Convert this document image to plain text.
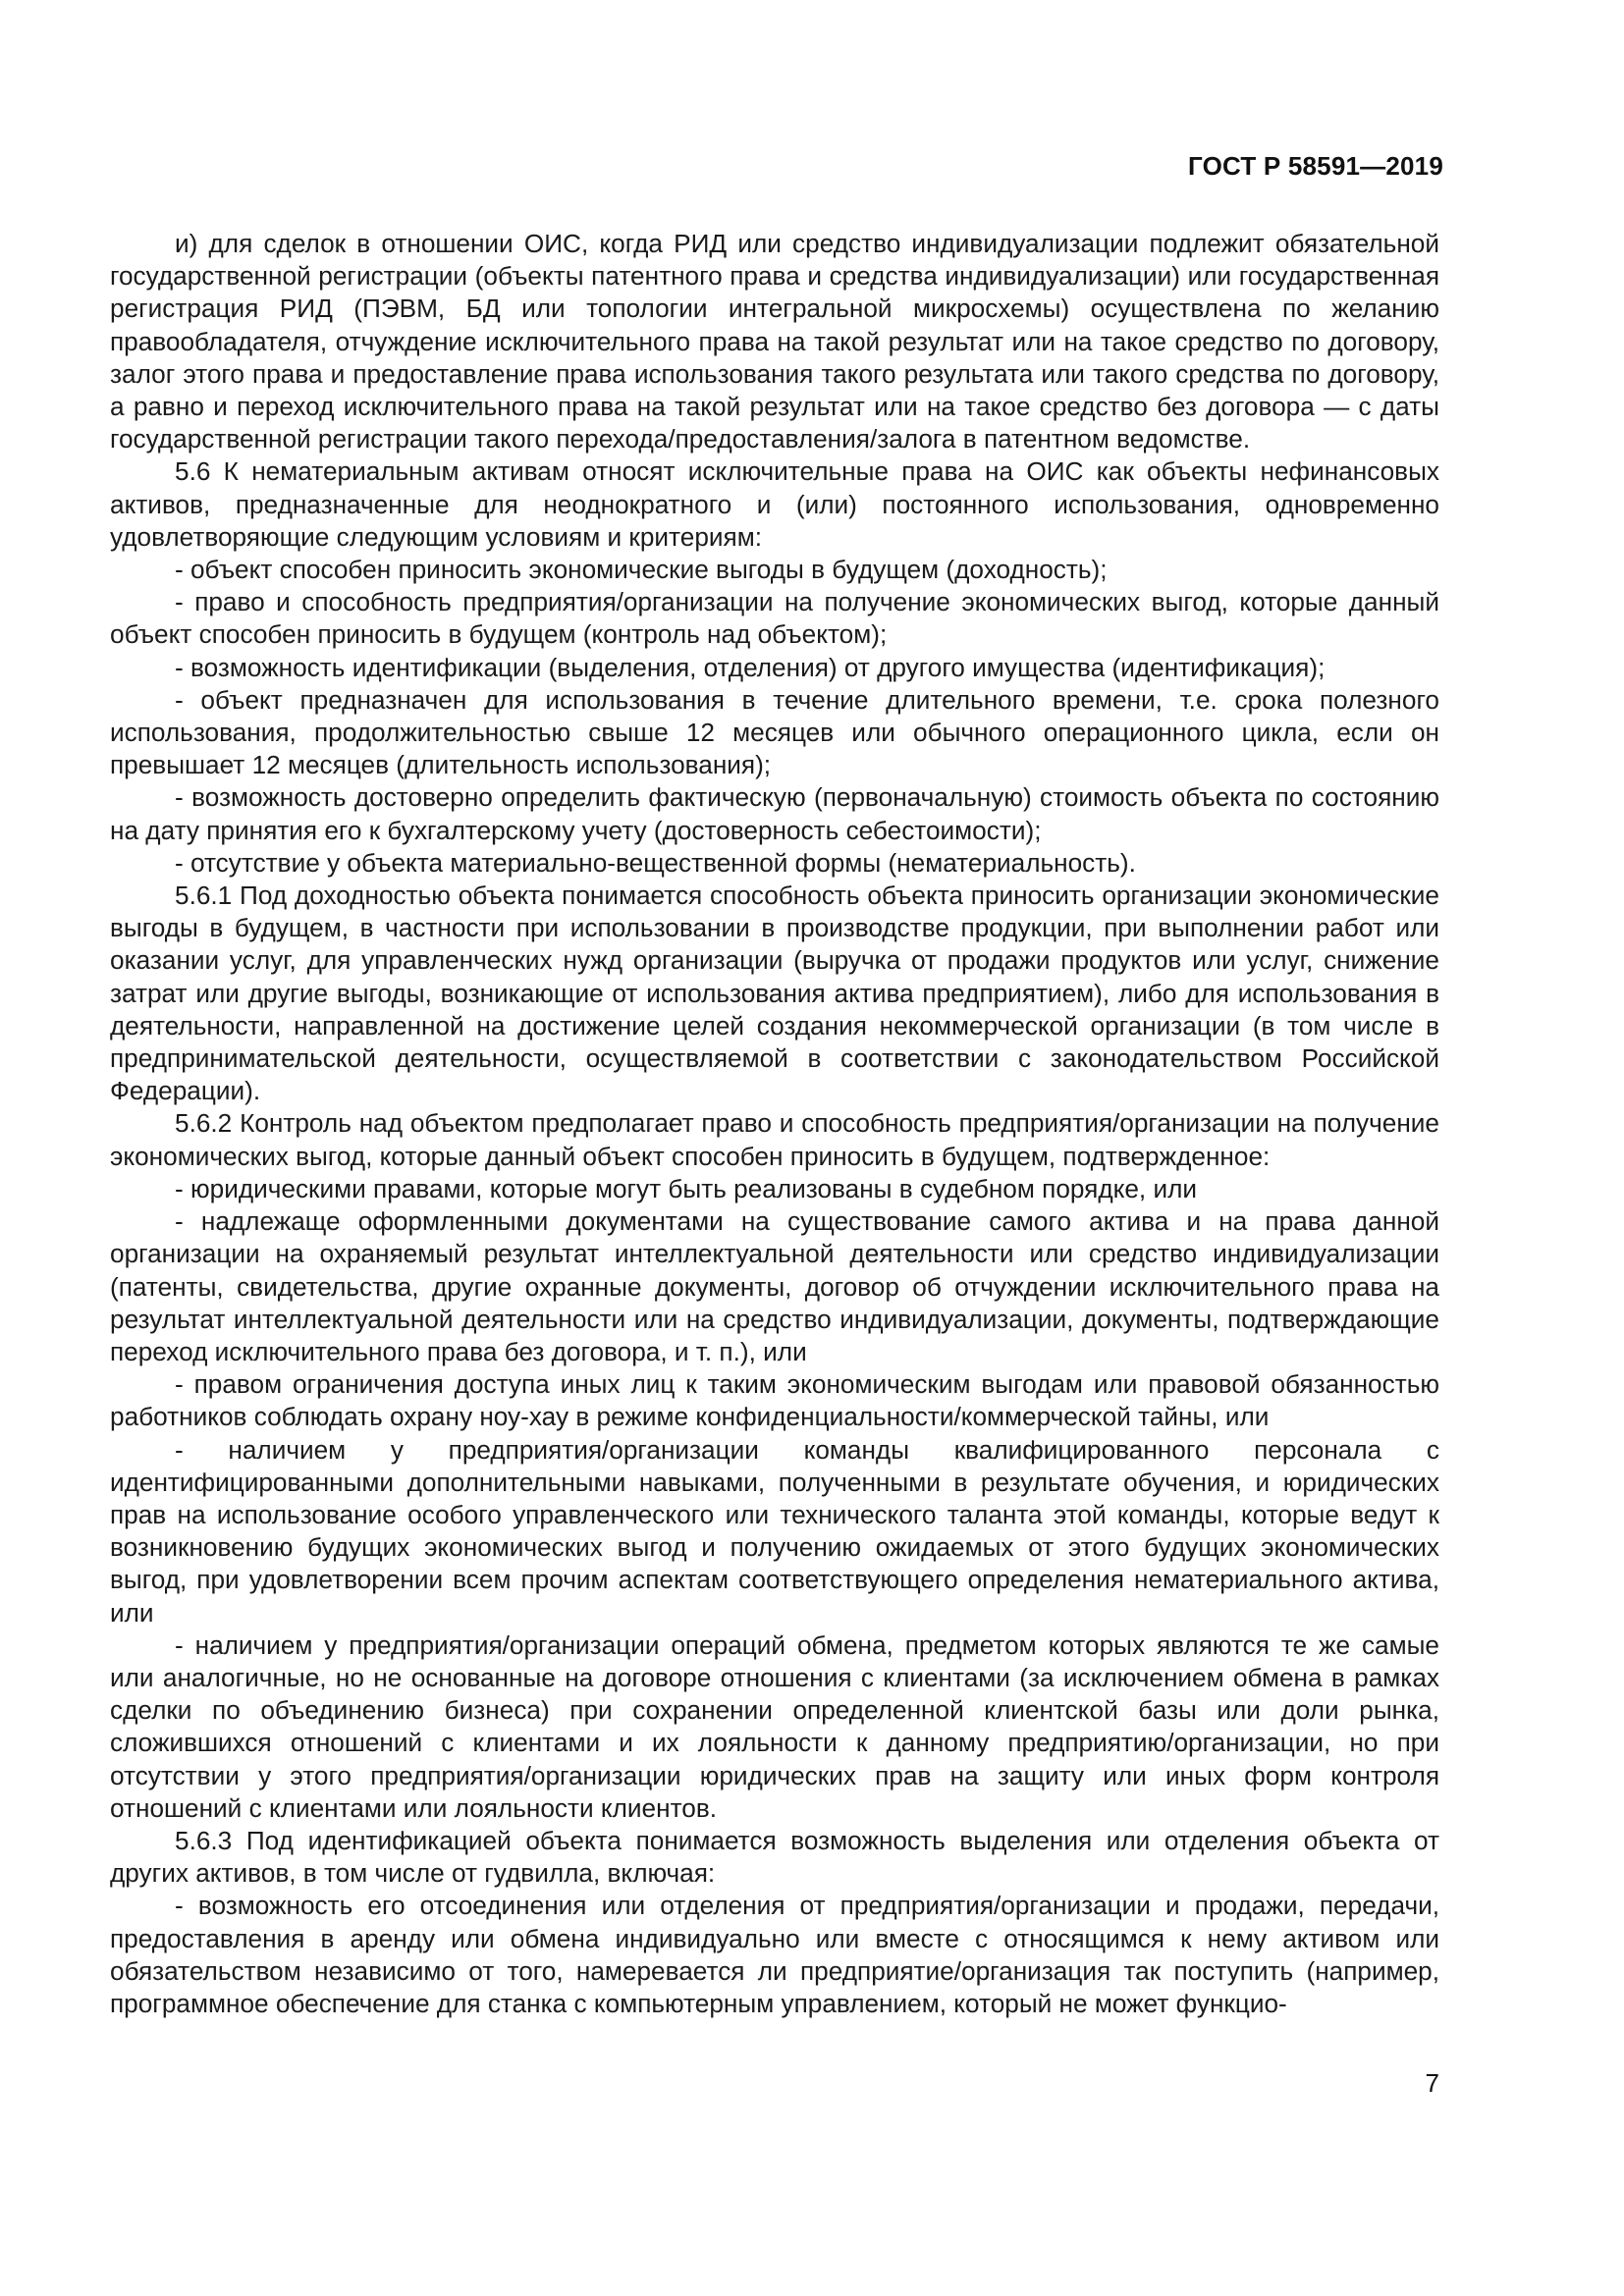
ГОСТ Р 58591—2019

и) для сделок в отношении ОИС, когда РИД или средство индивидуализации подлежит обязательной государственной регистрации (объекты патентного права и средства индивидуализации) или государственная регистрация РИД (ПЭВМ, БД или топологии интегральной микросхемы) осуществлена по желанию правообладателя, отчуждение исключительного права на такой результат или на такое средство по договору, залог этого права и предоставление права использования такого результата или такого средства по договору, а равно и переход исключительного права на такой результат или на такое средство без договора — с даты государственной регистрации такого перехода/предоставления/залога в патентном ведомстве.

5.6 К нематериальным активам относят исключительные права на ОИС как объекты нефинансовых активов, предназначенные для неоднократного и (или) постоянного использования, одновременно удовлетворяющие следующим условиям и критериям:

- объект способен приносить экономические выгоды в будущем (доходность);

- право и способность предприятия/организации на получение экономических выгод, которые данный объект способен приносить в будущем (контроль над объектом);

- возможность идентификации (выделения, отделения) от другого имущества (идентификация);

- объект предназначен для использования в течение длительного времени, т.е. срока полезного использования, продолжительностью свыше 12 месяцев или обычного операционного цикла, если он превышает 12 месяцев (длительность использования);

- возможность достоверно определить фактическую (первоначальную) стоимость объекта по состоянию на дату принятия его к бухгалтерскому учету (достоверность себестоимости);

- отсутствие у объекта материально-вещественной формы (нематериальность).

5.6.1 Под доходностью объекта понимается способность объекта приносить организации экономические выгоды в будущем, в частности при использовании в производстве продукции, при выполнении работ или оказании услуг, для управленческих нужд организации (выручка от продажи продуктов или услуг, снижение затрат или другие выгоды, возникающие от использования актива предприятием), либо для использования в деятельности, направленной на достижение целей создания некоммерческой организации (в том числе в предпринимательской деятельности, осуществляемой в соответствии с законодательством Российской Федерации).

5.6.2 Контроль над объектом предполагает право и способность предприятия/организации на получение экономических выгод, которые данный объект способен приносить в будущем, подтвержденное:

- юридическими правами, которые могут быть реализованы в судебном порядке, или

- надлежаще оформленными документами на существование самого актива и на права данной организации на охраняемый результат интеллектуальной деятельности или средство индивидуализации (патенты, свидетельства, другие охранные документы, договор об отчуждении исключительного права на результат интеллектуальной деятельности или на средство индивидуализации, документы, подтверждающие переход исключительного права без договора, и т. п.), или

- правом ограничения доступа иных лиц к таким экономическим выгодам или правовой обязанностью работников соблюдать охрану ноу-хау в режиме конфиденциальности/коммерческой тайны, или

- наличием у предприятия/организации команды квалифицированного персонала с идентифицированными дополнительными навыками, полученными в результате обучения, и юридических прав на использование особого управленческого или технического таланта этой команды, которые ведут к возникновению будущих экономических выгод и получению ожидаемых от этого будущих экономических выгод, при удовлетворении всем прочим аспектам соответствующего определения нематериального актива, или

- наличием у предприятия/организации операций обмена, предметом которых являются те же самые или аналогичные, но не основанные на договоре отношения с клиентами (за исключением обмена в рамках сделки по объединению бизнеса) при сохранении определенной клиентской базы или доли рынка, сложившихся отношений с клиентами и их лояльности к данному предприятию/организации, но при отсутствии у этого предприятия/организации юридических прав на защиту или иных форм контроля отношений с клиентами или лояльности клиентов.

5.6.3 Под идентификацией объекта понимается возможность выделения или отделения объекта от других активов, в том числе от гудвилла, включая:

- возможность его отсоединения или отделения от предприятия/организации и продажи, передачи, предоставления в аренду или обмена индивидуально или вместе с относящимся к нему активом или обязательством независимо от того, намеревается ли предприятие/организация так поступить (например, программное обеспечение для станка с компьютерным управлением, который не может функцио-

7
